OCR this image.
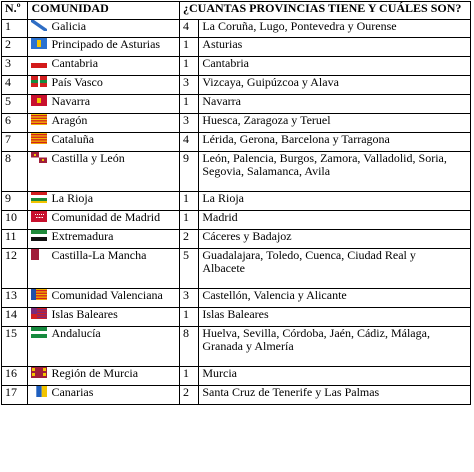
N.º	COMUNIDAD	¿CUANTAS PROVINCIAS TIENE Y CUÁLES SON?	
1	Galicia	4	La Coruña, Lugo, Pontevedra y Ourense
2	Principado de Asturias	1	Asturias
3	Cantabria	1	Cantabria
4	País Vasco	3	Vizcaya, Guipúzcoa y Alava
5	Navarra	1	Navarra
6	Aragón	3	Huesca, Zaragoza y Teruel
7	Cataluña	4	Lérida, Gerona, Barcelona y Tarragona
8	Castilla y León	9	León, Palencia, Burgos, Zamora, Valladolid, Soria,
Segovia, Salamanca, Avila

9	La Rioja	1	La Rioja
10	Comunidad de Madrid	1	Madrid
11	Extremadura	2	Cáceres y Badajoz
12	Castilla-La Mancha	5	Guadalajara, Toledo, Cuenca, Ciudad Real y
Albacete

13	Comunidad Valenciana	3	Castellón, Valencia y Alicante
14	Islas Baleares	1	Islas Baleares
15	Andalucía	8	Huelva, Sevilla, Córdoba, Jaén, Cádiz, Málaga,
Granada y Almería

16	Región de Murcia	1	Murcia
17	Canarias	2	Santa Cruz de Tenerife y Las Palmas
